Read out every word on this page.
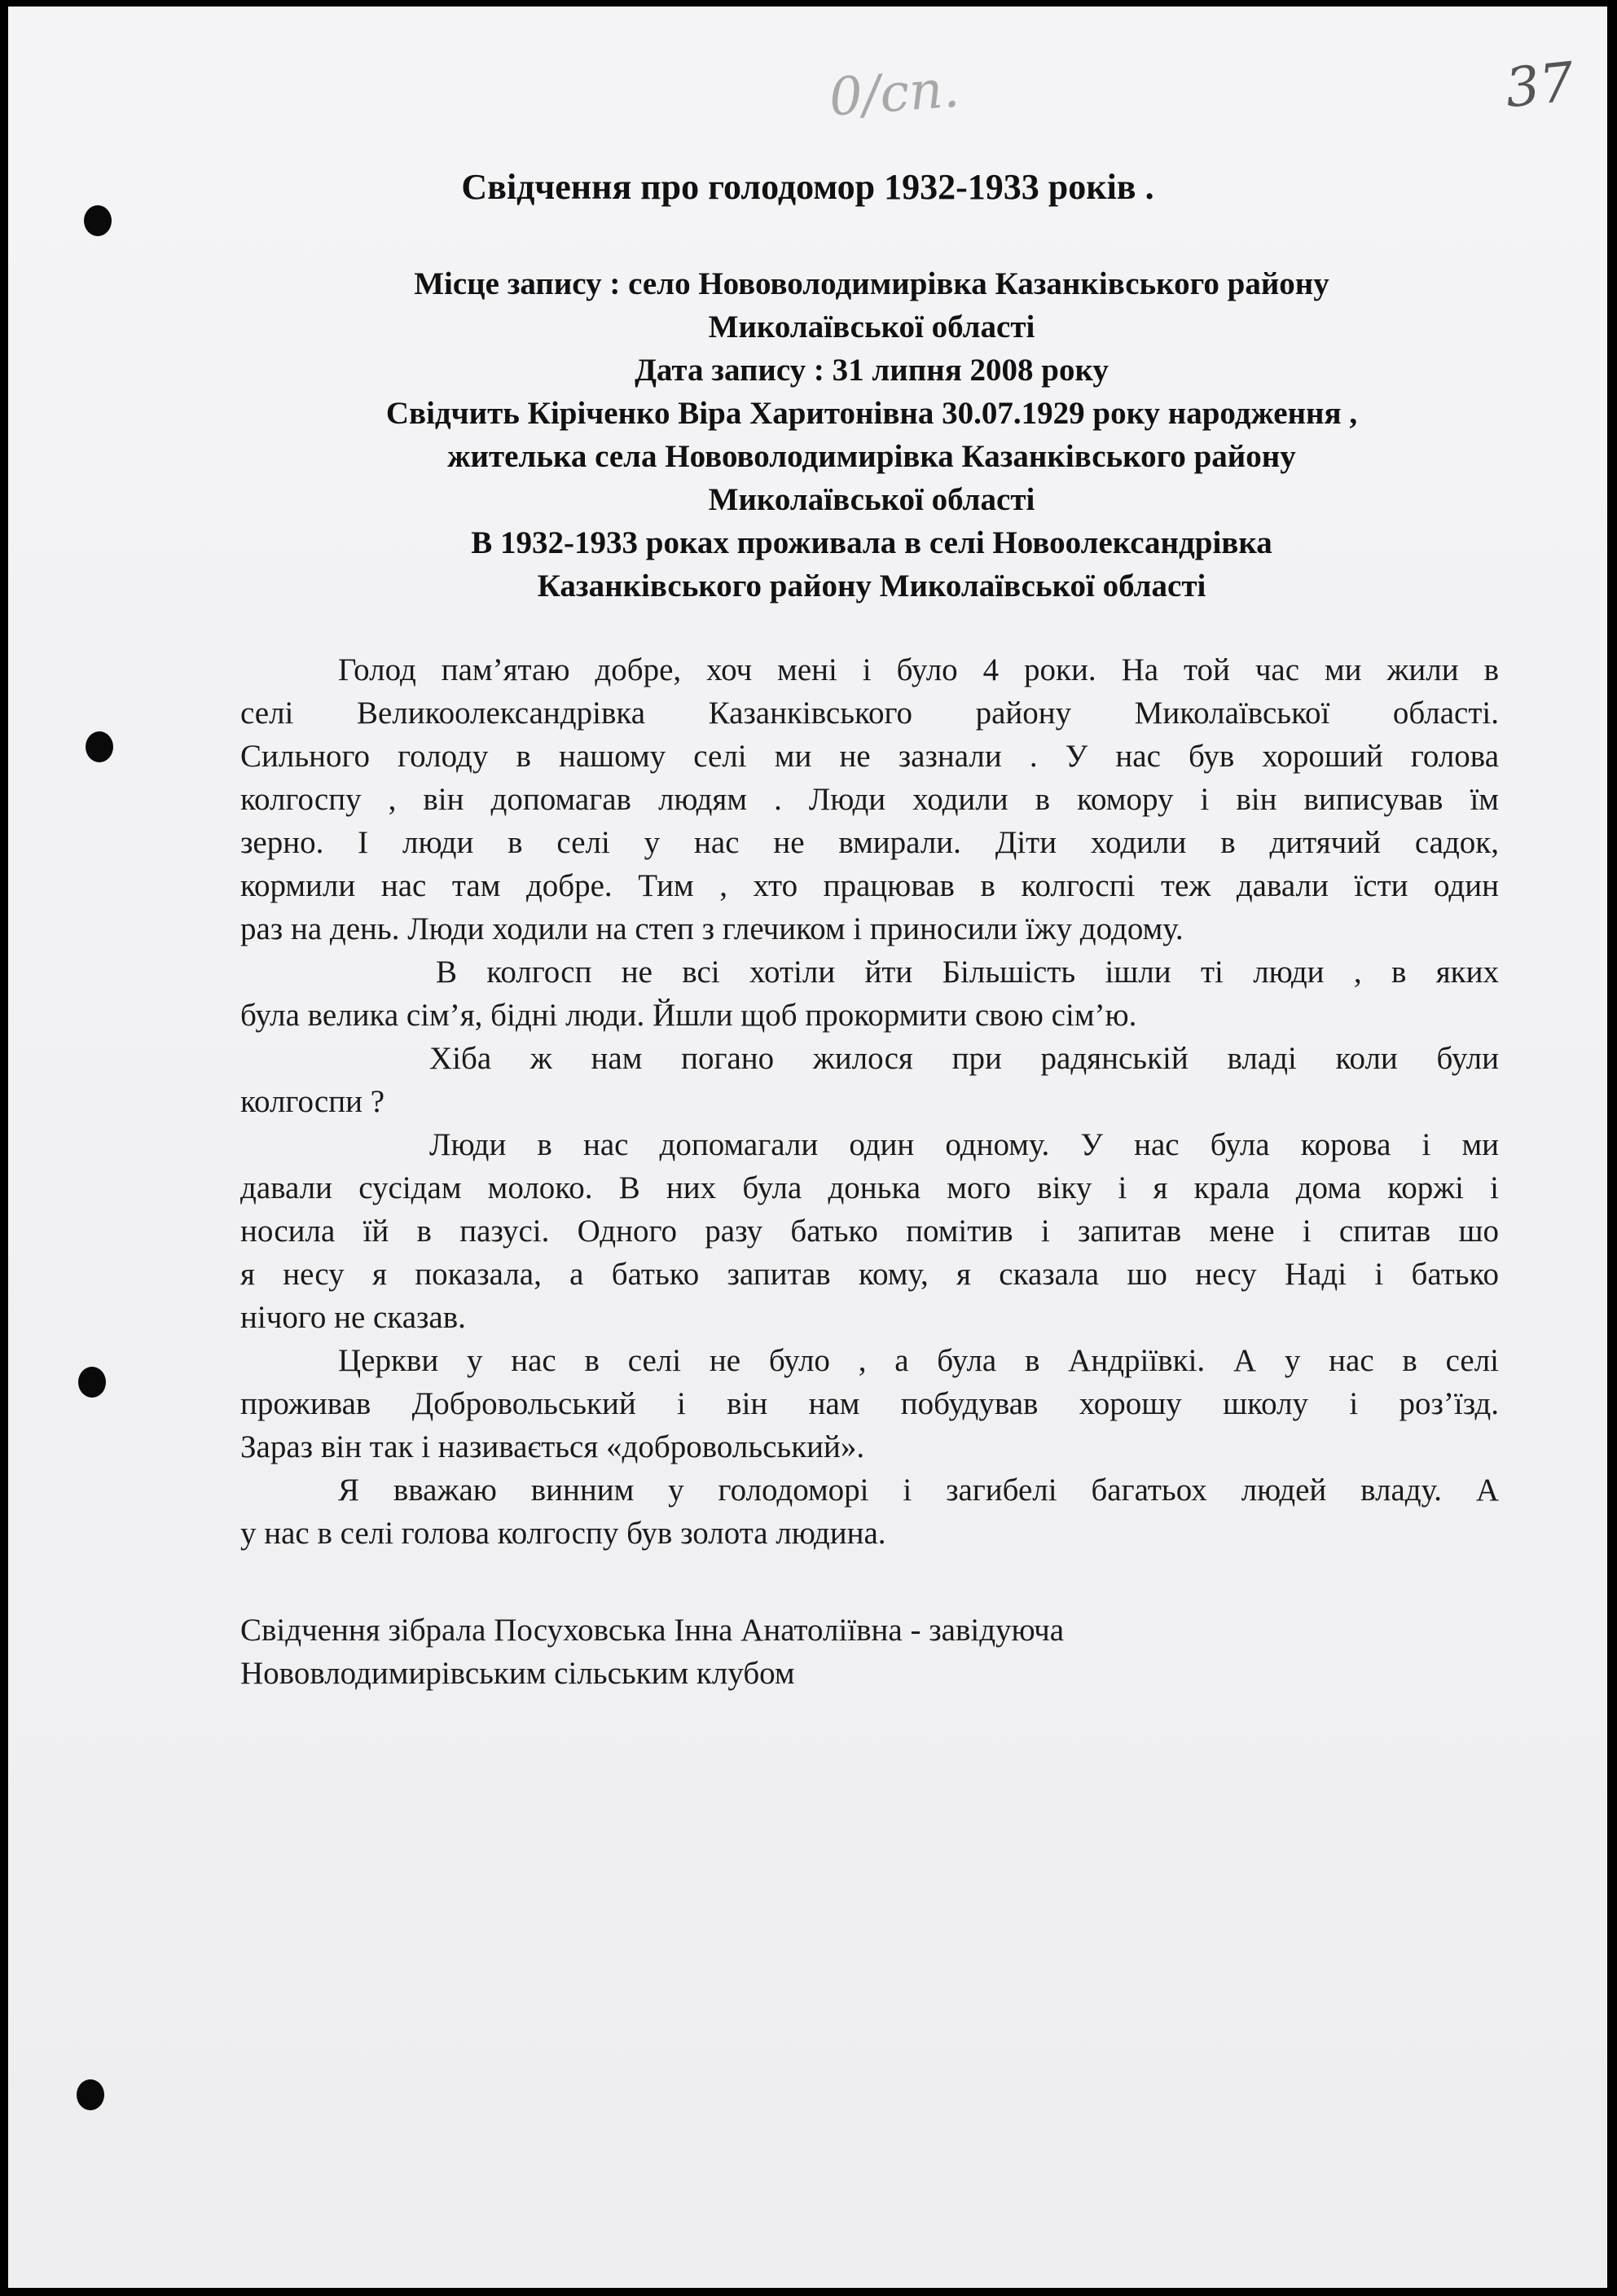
0/сп.	37
Свідчення про голодомор 1932-1933 років .
Місце запису : село Нововолодимирівка Казанківського району
Миколаївської області
Дата запису : 31 липня 2008 року
Свідчить Кіріченко Віра Харитонівна 30.07.1929 року народження ,
жителька села Нововолодимирівка Казанківського району
Миколаївської області
В 1932-1933 роках проживала в селі Новоолександрівка
Казанківського району Миколаївської області
Голод пам’ятаю добре, хоч мені і було 4 роки. На той час ми жили в
селі Великоолександрівка Казанківського району Миколаївської області.
Сильного голоду в нашому селі ми не зазнали . У нас був хороший голова
колгоспу , він допомагав людям . Люди ходили в комору і він виписував їм
зерно. І люди в селі у нас не вмирали. Діти ходили в дитячий садок,
кормили нас там добре. Тим , хто працював в колгоспі теж давали їсти один
раз на день. Люди ходили на степ з глечиком і приносили їжу додому.
В колгосп не всі хотіли йти Більшість ішли ті люди , в яких
була велика сім’я, бідні люди. Йшли щоб прокормити свою сім’ю.
Хіба ж нам погано жилося при радянській владі коли були
колгоспи ?
Люди в нас допомагали один одному. У нас була корова і ми
давали сусідам молоко. В них була донька мого віку і я крала дома коржі і
носила їй в пазусі. Одного разу батько помітив і запитав мене і спитав шо
я несу я показала, а батько запитав кому, я сказала шо несу Наді і батько
нічого не сказав.
Церкви у нас в селі не було , а була в Андріївкі. А у нас в селі
проживав Добровольський і він нам побудував хорошу школу і роз’їзд.
Зараз він так і називається «добровольський».
Я вважаю винним у голодоморі і загибелі багатьох людей владу. А
у нас в селі голова колгоспу був золота людина.
Свідчення зібрала Посуховська Інна Анатоліївна - завідуюча
Нововлодимирівським сільським клубом
